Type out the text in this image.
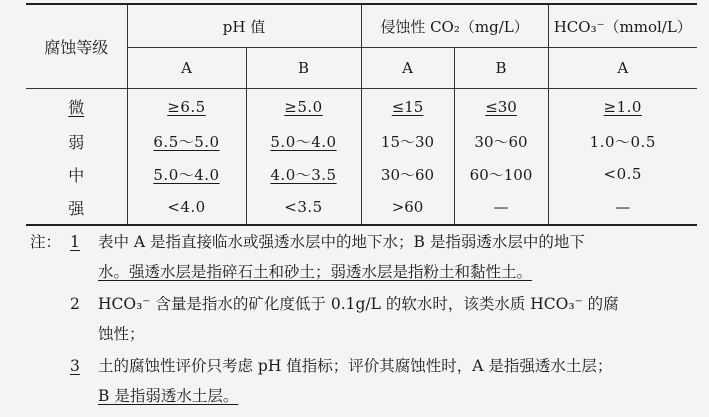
腐蚀等级	pH 值		侵蚀性 CO₂（mg/L）		HCO₃⁻（mmol/L）
	A	B	A	B	A
微	≥6.5	≥5.0	≤15	≤30	≥1.0
弱	6.5～5.0	5.0～4.0	15～30	30～60	1.0～0.5
中	5.0～4.0	4.0～3.5	30～60	60～100	<0.5
强	<4.0	<3.5	>60	—	—
注： 1 表中 A 是指直接临水或强透水层中的地下水；B 是指弱透水层中的地下
水。强透水层是指碎石土和砂土；弱透水层是指粉土和黏性土。
2 HCO₃⁻ 含量是指水的矿化度低于 0.1g/L 的软水时，该类水质 HCO₃⁻ 的腐
蚀性；
3 土的腐蚀性评价只考虑 pH 值指标；评价其腐蚀性时，A 是指强透水土层；
B 是指弱透水土层。
